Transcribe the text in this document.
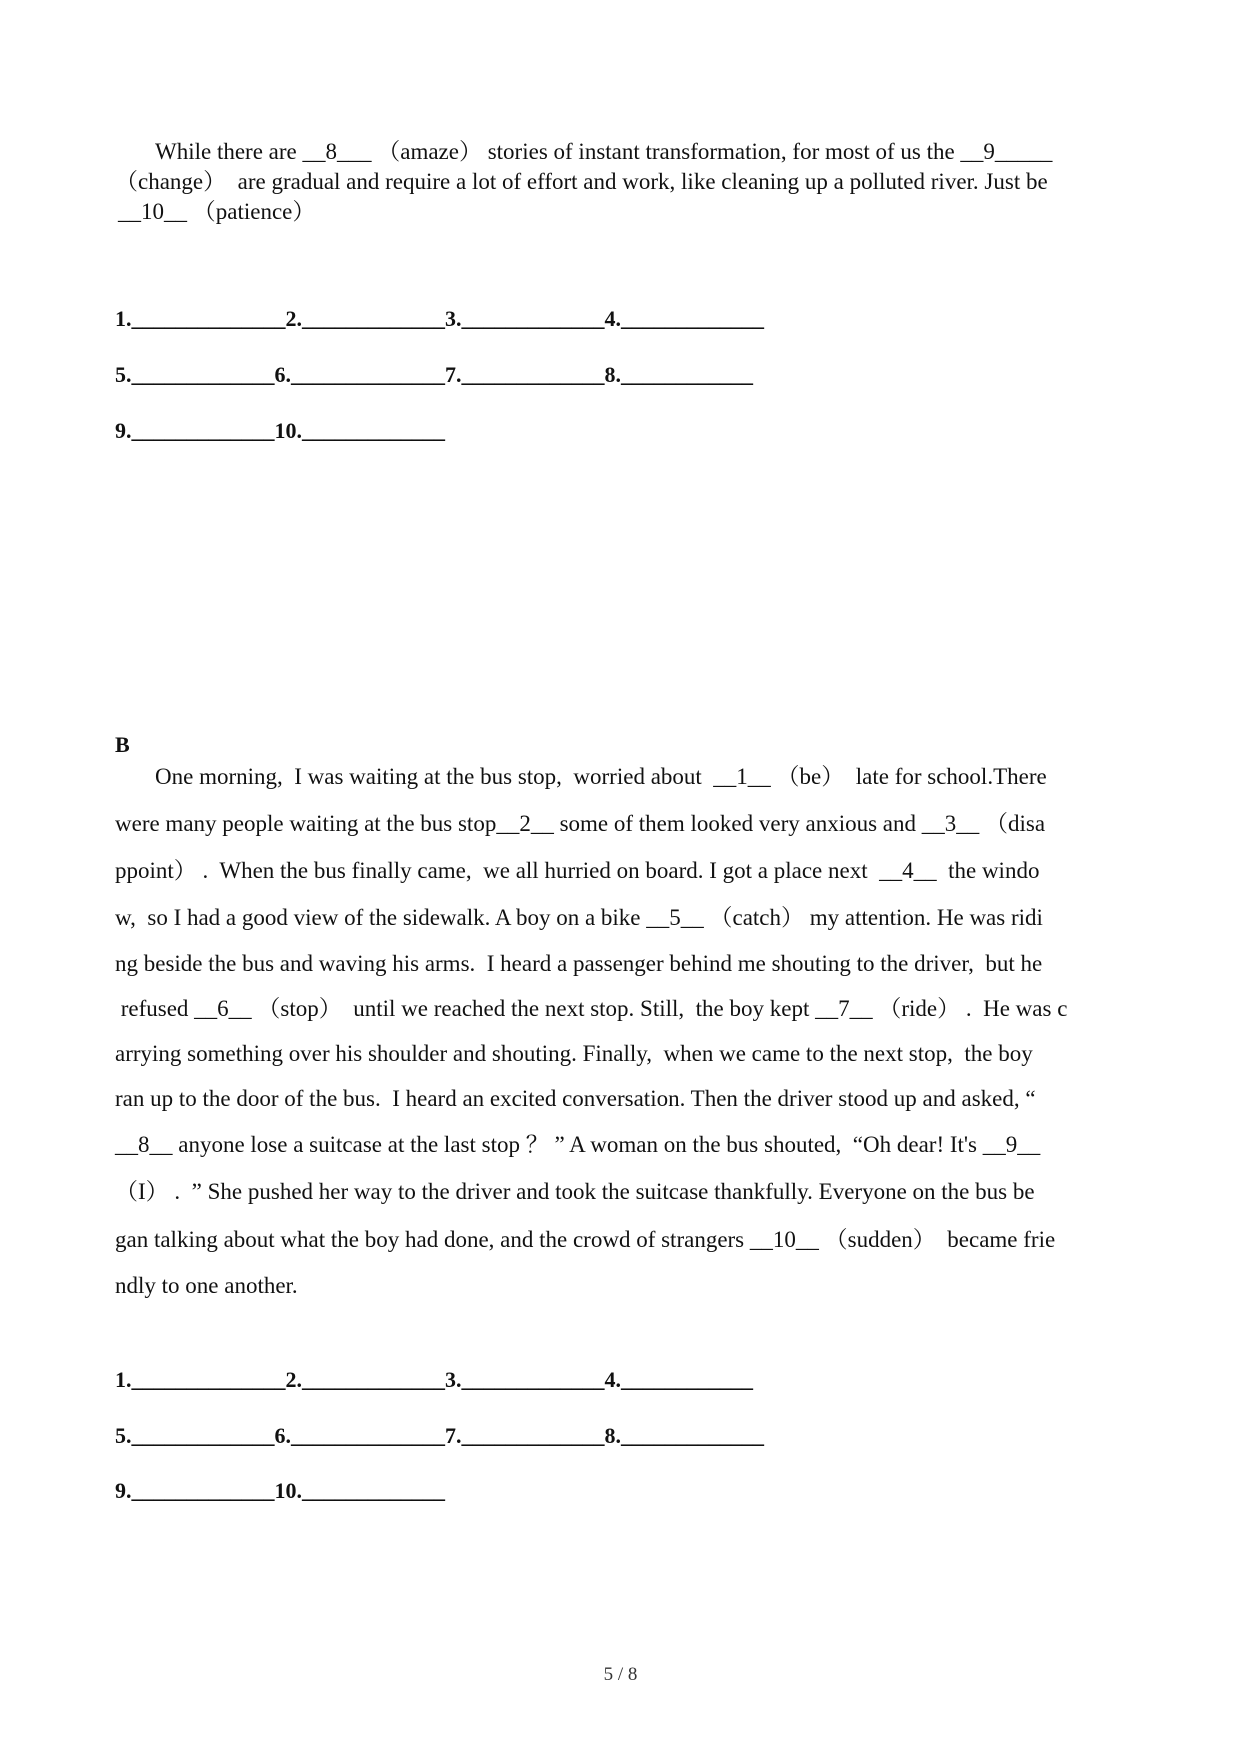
While there are __8___ （amaze） stories of instant transformation, for most of us the __9_____
（change）  are gradual and require a lot of effort and work, like cleaning up a polluted river. Just be
__10__ （patience）
1.______________2._____________3._____________4._____________
5._____________6.______________7._____________8.____________
9._____________10._____________
B
One morning,  I was waiting at the bus stop,  worried about  __1__ （be）  late for school.There
were many people waiting at the bus stop__2__ some of them looked very anxious and __3__ （disa
ppoint） .  When the bus finally came,  we all hurried on board. I got a place next  __4__  the windo
w,  so I had a good view of the sidewalk. A boy on a bike __5__ （catch） my attention. He was ridi
ng beside the bus and waving his arms.  I heard a passenger behind me shouting to the driver,  but he
refused __6__ （stop）  until we reached the next stop. Still,  the boy kept __7__ （ride） .  He was c
arrying something over his shoulder and shouting. Finally,  when we came to the next stop,  the boy
ran up to the door of the bus.  I heard an excited conversation. Then the driver stood up and asked, “
__8__ anyone lose a suitcase at the last stop ？ ” A woman on the bus shouted,  “Oh dear! It's __9__
（I） .  ” She pushed her way to the driver and took the suitcase thankfully. Everyone on the bus be
gan talking about what the boy had done, and the crowd of strangers __10__ （sudden）  became frie
ndly to one another.
1.______________2._____________3._____________4.____________
5._____________6.______________7._____________8._____________
9._____________10._____________
5 / 8
